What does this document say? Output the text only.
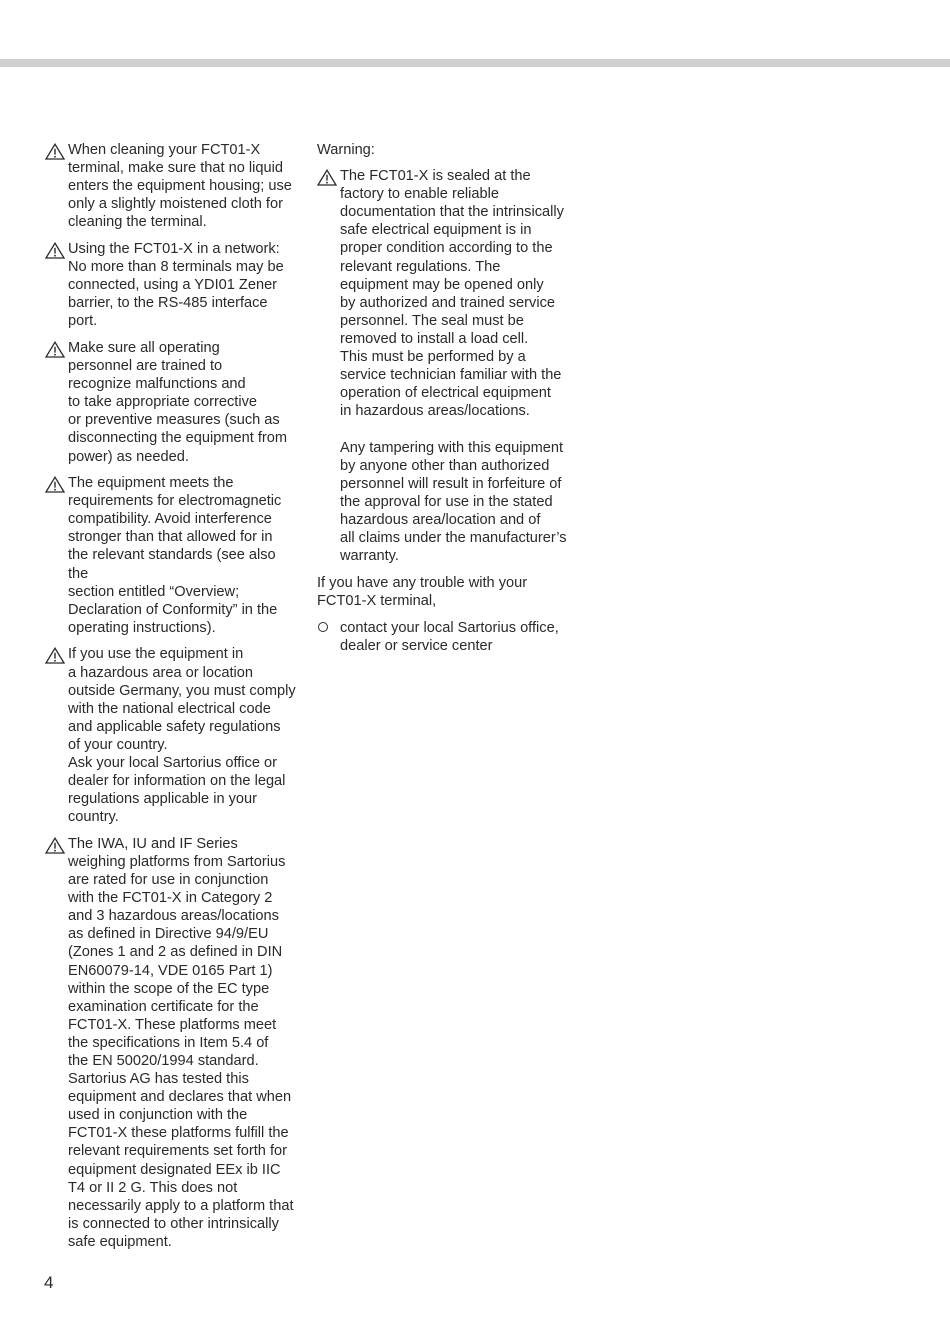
When cleaning your FCT01-X
terminal, make sure that no liquid
enters the equipment housing; use
only a slightly moistened cloth for
cleaning the terminal.
Using the FCT01-X in a network:
No more than 8 terminals may be
connected, using a YDI01 Zener
barrier, to the RS-485 interface
port.
Make sure all operating
personnel are trained to
recognize malfunctions and
to take appropriate corrective
or preventive measures (such as
disconnecting the equipment from
power) as needed.
The equipment meets the
requirements for electromagnetic
compatibility. Avoid interference
stronger than that allowed for in
the relevant standards (see also the
section entitled “Overview;
Declaration of Conformity” in the
operating instructions).
If you use the equipment in
a hazardous area or location
outside Germany, you must comply
with the national electrical code
and applicable safety regulations
of your country.
Ask your local Sartorius office or
dealer for information on the legal
regulations applicable in your
country.
The IWA, IU and IF Series
weighing platforms from Sartorius
are rated for use in conjunction
with the FCT01-X in Category 2
and 3 hazardous areas/locations
as defined in Directive 94/9/EU
(Zones 1 and 2 as defined in DIN
EN60079-14, VDE 0165 Part 1)
within the scope of the EC type
examination certificate for the
FCT01-X. These platforms meet
the specifications in Item 5.4 of
the EN 50020/1994 standard.
Sartorius AG has tested this
equipment and declares that when
used in conjunction with the
FCT01-X these platforms fulfill the
relevant requirements set forth for
equipment designated EEx ib IIC
T4 or II 2 G. This does not
necessarily apply to a platform that
is connected to other intrinsically
safe equipment.
Warning:
The FCT01-X is sealed at the
factory to enable reliable
documentation that the intrinsically
safe electrical equipment is in
proper condition according to the
relevant regulations. The
equipment may be opened only
by authorized and trained service
personnel. The seal must be
removed to install a load cell.
This must be performed by a
service technician familiar with the
operation of electrical equipment
in hazardous areas/locations.

Any tampering with this equipment
by anyone other than authorized
personnel will result in forfeiture of
the approval for use in the stated
hazardous area/location and of
all claims under the manufacturer’s
warranty.
If you have any trouble with your
FCT01-X terminal,
contact your local Sartorius office,
dealer or service center
4
